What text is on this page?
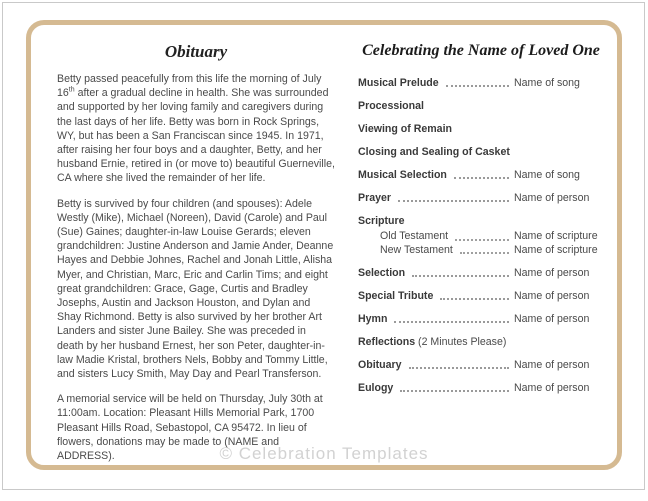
Obituary

Betty passed peacefully from this life the morning of July 16th after a gradual decline in health. She was surrounded and supported by her loving family and caregivers during the last days of her life. Betty was born in Rock Springs, WY, but has been a San Franciscan since 1945. In 1971, after raising her four boys and a daughter, Betty, and her husband Ernie, retired in (or move to) beautiful Guerneville, CA where she lived the remainder of her life.

Betty is survived by four children (and spouses): Adele Westly (Mike), Michael (Noreen), David (Carole) and Paul (Sue) Gaines; daughter-in-law Louise Gerards; eleven grandchildren: Justine Anderson and Jamie Ander, Deanne Hayes and Debbie Johnes, Rachel and Jonah Little, Alisha Myer, and Christian, Marc, Eric and Carlin Tims; and eight great grandchildren: Grace, Gage, Curtis and Bradley Josephs, Austin and Jackson Houston, and Dylan and Shay Richmond. Betty is also survived by her brother Art Landers and sister June Bailey. She was preceded in death by her husband Ernest, her son Peter, daughter-in-law Madie Kristal, brothers Nels, Bobby and Tommy Little, and sisters Lucy Smith, May Day and Pearl Transferson.

A memorial service will be held on Thursday, July 30th at 11:00am. Location: Pleasant Hills Memorial Park, 1700 Pleasant Hills Road, Sebastopol, CA 95472. In lieu of flowers, donations may be made to (NAME and ADDRESS).

Celebrating the Name of Loved One
Musical Prelude	Name of song
Processional
Viewing of Remain
Closing and Sealing of Casket
Musical Selection	Name of song
Prayer	Name of person
Scripture
Old Testament	Name of scripture
New Testament	Name of scripture
Selection	Name of person
Special Tribute	Name of person
Hymn	Name of person
Reflections (2 Minutes Please)
Obituary	Name of person
Eulogy	Name of person
© Celebration Templates
